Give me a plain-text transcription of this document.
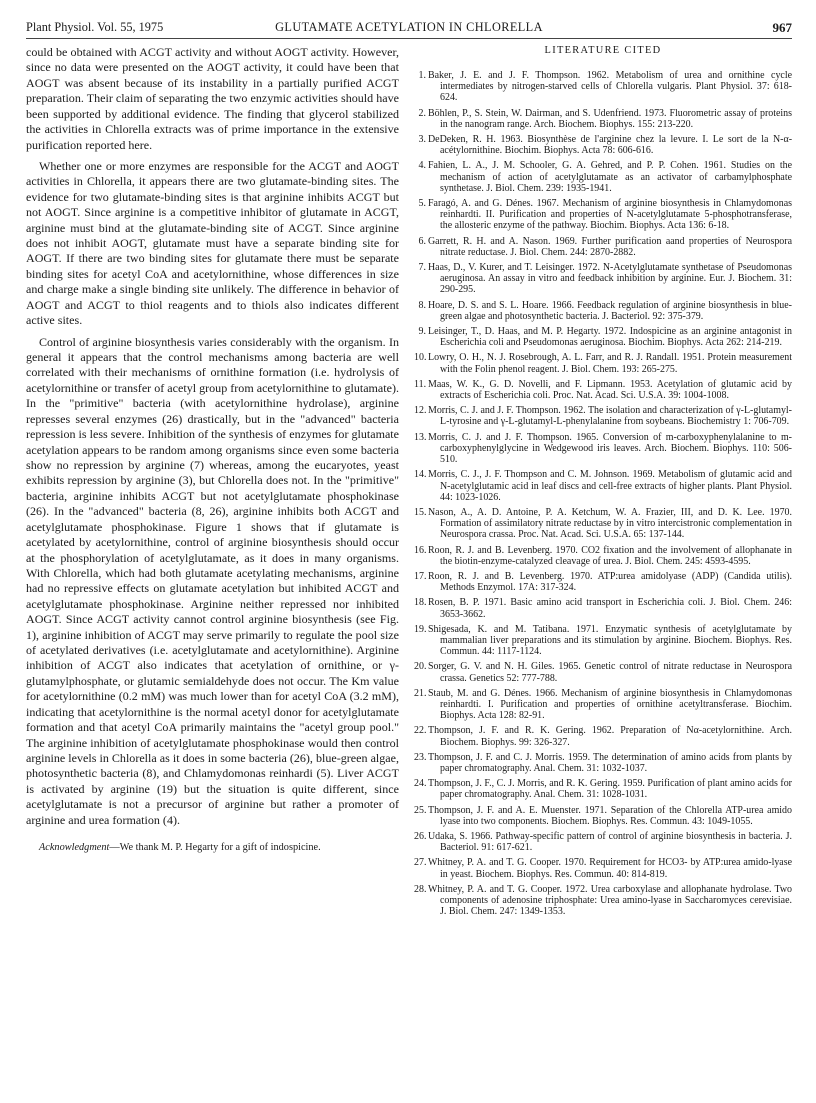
Plant Physiol. Vol. 55, 1975	GLUTAMATE ACETYLATION IN CHLORELLA	967

could be obtained with ACGT activity and without AOGT activity. However, since no data were presented on the AOGT activity, it could have been that AOGT was absent because of its instability in a partially purified ACGT preparation. Their claim of separating the two enzymic activities should have been supported by additional evidence. The finding that glycerol stabilized the activities in Chlorella extracts was of prime importance in the extensive purification reported here.

Whether one or more enzymes are responsible for the ACGT and AOGT activities in Chlorella, it appears there are two glutamate-binding sites. The evidence for two glutamate-binding sites is that arginine inhibits ACGT but not AOGT. Since arginine is a competitive inhibitor of glutamate in ACGT, arginine must bind at the glutamate-binding site of ACGT. Since arginine does not inhibit AOGT, glutamate must have a separate binding site for AOGT. If there are two binding sites for glutamate there must be separate binding sites for acetyl CoA and acetylornithine, whose differences in size and charge make a single binding site unlikely. The difference in behavior of AOGT and ACGT to thiol reagents and to thiols also indicates different active sites.

Control of arginine biosynthesis varies considerably with the organism. In general it appears that the control mechanisms among bacteria are well correlated with their mechanisms of ornithine formation (i.e. hydrolysis of acetylornithine or transfer of acetyl group from acetylornithine to glutamate). In the "primitive" bacteria (with acetylornithine hydrolase), arginine represses several enzymes (26) drastically, but in the "advanced" bacteria repression is less severe. Inhibition of the synthesis of enzymes for glutamate acetylation appears to be random among organisms since even some bacteria show no repression by arginine (7) whereas, among the eucaryotes, yeast exhibits repression by arginine (3), but Chlorella does not. In the "primitive" bacteria, arginine inhibits ACGT but not acetylglutamate phosphokinase (26). In the "advanced" bacteria (8, 26), arginine inhibits both ACGT and acetylglutamate phosphokinase. Figure 1 shows that if glutamate is acetylated by acetylornithine, control of arginine biosynthesis should occur at the phosphorylation of acetylglutamate, as it does in many organisms. With Chlorella, which had both glutamate acetylating mechanisms, arginine had no repressive effects on glutamate acetylation but inhibited ACGT and acetylglutamate phosphokinase. Arginine neither repressed nor inhibited AOGT. Since ACGT activity cannot control arginine biosynthesis (see Fig. 1), arginine inhibition of ACGT may serve primarily to regulate the pool size of acetylated derivatives (i.e. acetylglutamate and acetylornithine). Arginine inhibition of ACGT also indicates that acetylation of ornithine, or γ-glutamylphosphate, or glutamic semialdehyde does not occur. The Km value for acetylornithine (0.2 mM) was much lower than for acetyl CoA (3.2 mM), indicating that acetylornithine is the normal acetyl donor for acetylglutamate formation and that acetyl CoA primarily maintains the "acetyl group pool." The arginine inhibition of acetylglutamate phosphokinase would then control arginine levels in Chlorella as it does in some bacteria (26), blue-green algae, photosynthetic bacteria (8), and Chlamydomonas reinhardi (5). Liver ACGT is activated by arginine (19) but the situation is quite different, since acetylglutamate is not a precursor of arginine but rather a promoter of arginine and urea formation (4).

Acknowledgment—We thank M. P. Hegarty for a gift of indospicine.

LITERATURE CITED
1. Baker, J. E. and J. F. Thompson. 1962. Metabolism of urea and ornithine cycle intermediates by nitrogen-starved cells of Chlorella vulgaris. Plant Physiol. 37: 618-624.
2. Böhlen, P., S. Stein, W. Dairman, and S. Udenfriend. 1973. Fluorometric assay of proteins in the nanogram range. Arch. Biochem. Biophys. 155: 213-220.
3. DeDeken, R. H. 1963. Biosynthèse de l'arginine chez la levure. I. Le sort de la N-α-acétylornithine. Biochim. Biophys. Acta 78: 606-616.
4. Fahien, L. A., J. M. Schooler, G. A. Gehred, and P. P. Cohen. 1961. Studies on the mechanism of action of acetylglutamate as an activator of carbamylphosphate synthetase. J. Biol. Chem. 239: 1935-1941.
5. Faragó, A. and G. Dénes. 1967. Mechanism of arginine biosynthesis in Chlamydomonas reinhardti. II. Purification and properties of N-acetylglutamate 5-phosphotransferase, the allosteric enzyme of the pathway. Biochim. Biophys. Acta 136: 6-18.
6. Garrett, R. H. and A. Nason. 1969. Further purification aand properties of Neurospora nitrate reductase. J. Biol. Chem. 244: 2870-2882.
7. Haas, D., V. Kurer, and T. Leisinger. 1972. N-Acetylglutamate synthetase of Pseudomonas aeruginosa. An assay in vitro and feedback inhibition by arginine. Eur. J. Biochem. 31: 290-295.
8. Hoare, D. S. and S. L. Hoare. 1966. Feedback regulation of arginine biosynthesis in blue-green algae and photosynthetic bacteria. J. Bacteriol. 92: 375-379.
9. Leisinger, T., D. Haas, and M. P. Hegarty. 1972. Indospicine as an arginine antagonist in Escherichia coli and Pseudomonas aeruginosa. Biochim. Biophys. Acta 262: 214-219.
10. Lowry, O. H., N. J. Rosebrough, A. L. Farr, and R. J. Randall. 1951. Protein measurement with the Folin phenol reagent. J. Biol. Chem. 193: 265-275.
11. Maas, W. K., G. D. Novelli, and F. Lipmann. 1953. Acetylation of glutamic acid by extracts of Escherichia coli. Proc. Nat. Acad. Sci. U.S.A. 39: 1004-1008.
12. Morris, C. J. and J. F. Thompson. 1962. The isolation and characterization of γ-L-glutamyl-L-tyrosine and γ-L-glutamyl-L-phenylalanine from soybeans. Biochemistry 1: 706-709.
13. Morris, C. J. and J. F. Thompson. 1965. Conversion of m-carboxyphenylalanine to m-carboxyphenylglycine in Wedgewood iris leaves. Arch. Biochem. Biophys. 110: 506-510.
14. Morris, C. J., J. F. Thompson and C. M. Johnson. 1969. Metabolism of glutamic acid and N-acetylglutamic acid in leaf discs and cell-free extracts of higher plants. Plant Physiol. 44: 1023-1026.
15. Nason, A., A. D. Antoine, P. A. Ketchum, W. A. Frazier, III, and D. K. Lee. 1970. Formation of assimilatory nitrate reductase by in vitro intercistronic complementation in Neurospora crassa. Proc. Nat. Acad. Sci. U.S.A. 65: 137-144.
16. Roon, R. J. and B. Levenberg. 1970. CO2 fixation and the involvement of allophanate in the biotin-enzyme-catalyzed cleavage of urea. J. Biol. Chem. 245: 4593-4595.
17. Roon, R. J. and B. Levenberg. 1970. ATP:urea amidolyase (ADP) (Candida utilis). Methods Enzymol. 17A: 317-324.
18. Rosen, B. P. 1971. Basic amino acid transport in Escherichia coli. J. Biol. Chem. 246: 3653-3662.
19. Shigesada, K. and M. Tatibana. 1971. Enzymatic synthesis of acetylglutamate by mammalian liver preparations and its stimulation by arginine. Biochem. Biophys. Res. Commun. 44: 1117-1124.
20. Sorger, G. V. and N. H. Giles. 1965. Genetic control of nitrate reductase in Neurospora crassa. Genetics 52: 777-788.
21. Staub, M. and G. Dénes. 1966. Mechanism of arginine biosynthesis in Chlamydomonas reinhardti. I. Purification and properties of ornithine acetyltransferase. Biochim. Biophys. Acta 128: 82-91.
22. Thompson, J. F. and R. K. Gering. 1962. Preparation of Nα-acetylornithine. Arch. Biochem. Biophys. 99: 326-327.
23. Thompson, J. F. and C. J. Morris. 1959. The determination of amino acids from plants by paper chromatography. Anal. Chem. 31: 1032-1037.
24. Thompson, J. F., C. J. Morris, and R. K. Gering. 1959. Purification of plant amino acids for paper chromatography. Anal. Chem. 31: 1028-1031.
25. Thompson, J. F. and A. E. Muenster. 1971. Separation of the Chlorella ATP-urea amido lyase into two components. Biochem. Biophys. Res. Commun. 43: 1049-1055.
26. Udaka, S. 1966. Pathway-specific pattern of control of arginine biosynthesis in bacteria. J. Bacteriol. 91: 617-621.
27. Whitney, P. A. and T. G. Cooper. 1970. Requirement for HCO3- by ATP:urea amido-lyase in yeast. Biochem. Biophys. Res. Commun. 40: 814-819.
28. Whitney, P. A. and T. G. Cooper. 1972. Urea carboxylase and allophanate hydrolase. Two components of adenosine triphosphate: Urea amino-lyase in Saccharomyces cerevisiae. J. Biol. Chem. 247: 1349-1353.
